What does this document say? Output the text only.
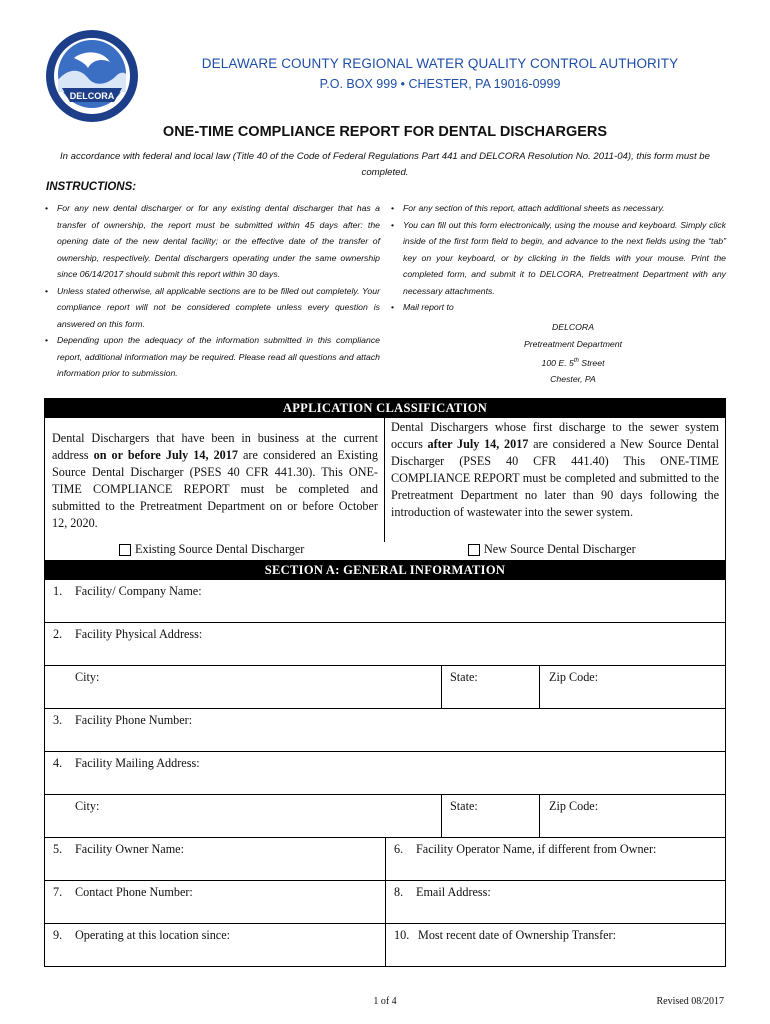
DELCORA
DELAWARE COUNTY REGIONAL WATER QUALITY CONTROL AUTHORITY
P.O. BOX 999 • CHESTER, PA 19016-0999
ONE-TIME COMPLIANCE REPORT FOR DENTAL DISCHARGERS
In accordance with federal and local law (Title 40 of the Code of Federal Regulations Part 441 and DELCORA Resolution No. 2011-04), this form must be completed.
INSTRUCTIONS:
• For any new dental discharger or for any existing dental discharger that has a transfer of ownership, the report must be submitted within 45 days after: the opening date of the new dental facility; or the effective date of the transfer of ownership, respectively. Dental dischargers operating under the same ownership since 06/14/2017 should submit this report within 30 days.
• Unless stated otherwise, all applicable sections are to be filled out completely. Your compliance report will not be considered complete unless every question is answered on this form.
• Depending upon the adequacy of the information submitted in this compliance report, additional information may be required. Please read all questions and attach information prior to submission.
• For any section of this report, attach additional sheets as necessary.
• You can fill out this form electronically, using the mouse and keyboard. Simply click inside of the first form field to begin, and advance to the next fields using the “tab” key on your keyboard, or by clicking in the fields with your mouse. Print the completed form, and submit it to DELCORA, Pretreatment Department with any necessary attachments.
• Mail report to
DELCORA
Pretreatment Department
100 E. 5th Street
Chester, PA
APPLICATION CLASSIFICATION
Dental Dischargers that have been in business at the current address on or before July 14, 2017 are considered an Existing Source Dental Discharger (PSES 40 CFR 441.30). This ONE-TIME COMPLIANCE REPORT must be completed and submitted to the Pretreatment Department on or before October 12, 2020.
Dental Dischargers whose first discharge to the sewer system occurs after July 14, 2017 are considered a New Source Dental Discharger (PSES 40 CFR 441.40) This ONE-TIME COMPLIANCE REPORT must be completed and submitted to the Pretreatment Department no later than 90 days following the introduction of wastewater into the sewer system.
Existing Source Dental Discharger	New Source Dental Discharger
SECTION A: GENERAL INFORMATION
1. Facility/ Company Name:
2. Facility Physical Address:
City:	State:	Zip Code:
3. Facility Phone Number:
4. Facility Mailing Address:
City:	State:	Zip Code:
5. Facility Owner Name:	6. Facility Operator Name, if different from Owner:
7. Contact Phone Number:	8. Email Address:
9. Operating at this location since:	10. Most recent date of Ownership Transfer:
1 of 4	Revised 08/2017
